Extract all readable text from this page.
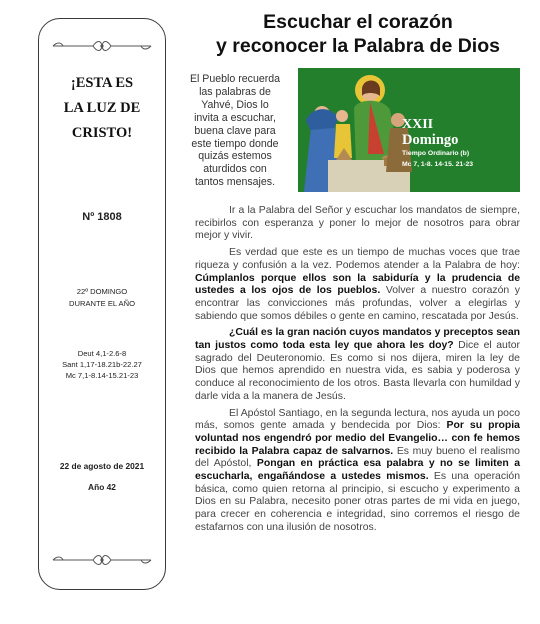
¡ESTA ES
LA LUZ DE
CRISTO!
Nº 1808
22º DOMINGO
DURANTE EL AÑO
Deut 4,1-2.6-8
Sant 1,17-18.21b-22.27
Mc 7,1-8.14-15.21-23
22 de agosto de 2021
Año 42
Escuchar el corazón
y reconocer la Palabra de Dios
El Pueblo recuerda
las palabras de
Yahvé, Dios lo
invita a escuchar,
buena clave para
este tiempo donde
quizás estemos
aturdidos con
tantos mensajes.
XXII
Domingo
Tiempo Ordinario (b)
Mc 7, 1-8. 14-15. 21-23

Ir a la Palabra del Señor y escuchar los mandatos de siempre, recibirlos con esperanza y poner lo mejor de nosotros para obrar mejor y vivir.

Es verdad que este es un tiempo de muchas voces que trae riqueza y confusión a la vez. Podemos atender a la Palabra de hoy: Cúmplanlos porque ellos son la sabiduría y la prudencia de ustedes a los ojos de los pueblos. Volver a nuestro corazón y encontrar las convicciones más profundas, volver a elegirlas y sabiendo que somos débiles o gente en camino, rescatada por Jesús.

¿Cuál es la gran nación cuyos mandatos y preceptos sean tan justos como toda esta ley que ahora les doy? Dice el autor sagrado del Deuteronomio. Es como si nos dijera, miren la ley de Dios que hemos aprendido en nuestra vida, es sabia y poderosa y conduce al reconocimiento de los otros. Basta llevarla con humildad y darle vida a la manera de Jesús.

El Apóstol Santiago, en la segunda lectura, nos ayuda un poco más, somos gente amada y bendecida por Dios: Por su propia voluntad nos engendró por medio del Evangelio… con fe hemos recibido la Palabra capaz de salvarnos. Es muy bueno el realismo del Apóstol, Pongan en práctica esa palabra y no se limiten a escucharla, engañándose a ustedes mismos. Es una operación básica, como quien retorna al principio, si escucho y experimento a Dios en su Palabra, necesito poner otras partes de mi vida en juego, para crecer en coherencia e integridad, sino corremos el riesgo de estafarnos con una ilusión de nosotros.
